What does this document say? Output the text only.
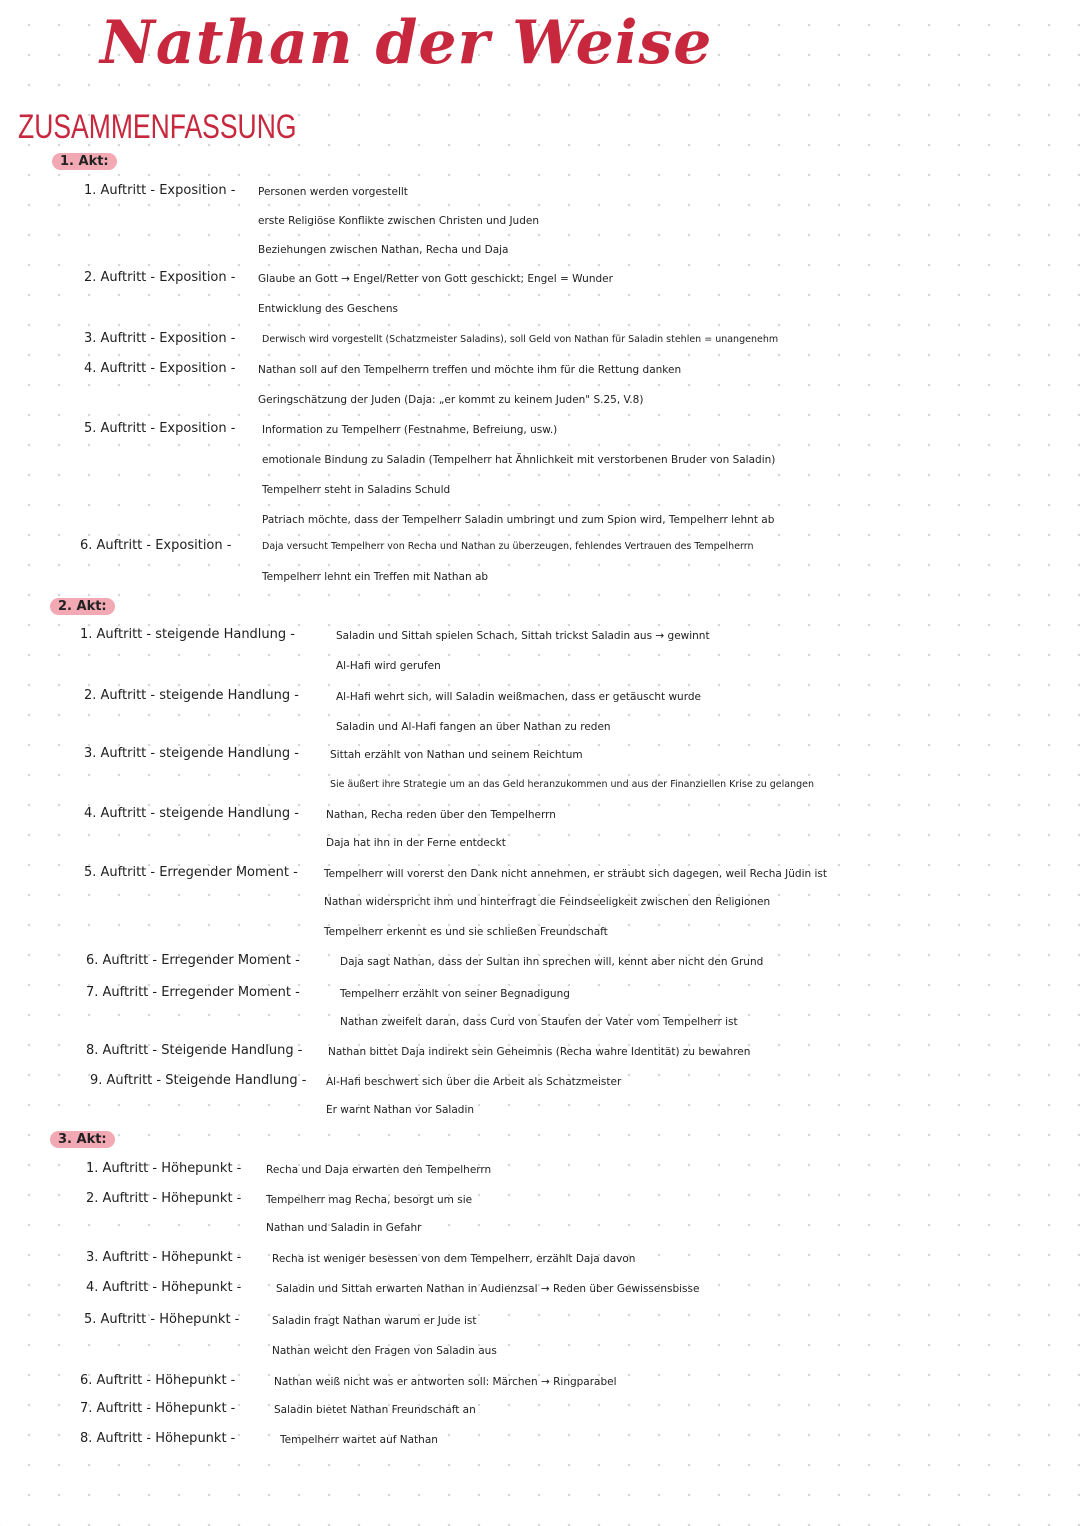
Nathan der Weise
ZUSAMMENFASSUNG
1. Akt:
1. Auftritt - Exposition - Personen werden vorgestellt
erste Religiöse Konflikte zwischen Christen und Juden
Beziehungen zwischen Nathan, Recha und Daja
2. Auftritt - Exposition - Glaube an Gott → Engel/Retter von Gott geschickt; Engel = Wunder
Entwicklung des Geschens
3. Auftritt - Exposition -	Derwisch wird vorgestellt (Schatzmeister Saladins), soll Geld von Nathan für Saladin stehlen = unangenehm
4. Auftritt - Exposition - Nathan soll auf den Tempelherrn treffen und möchte ihm für die Rettung danken
Geringschätzung der Juden (Daja: „er kommt zu keinem Juden" S.25, V.8)
5. Auftritt - Exposition -	Information zu Tempelherr (Festnahme, Befreiung, usw.)
emotionale Bindung zu Saladin (Tempelherr hat Ähnlichkeit mit verstorbenen Bruder von Saladin)
Tempelherr steht in Saladins Schuld
Patriach möchte, dass der Tempelherr Saladin umbringt und zum Spion wird, Tempelherr lehnt ab
6. Auftritt - Exposition -	Daja versucht Tempelherr von Recha und Nathan zu überzeugen, fehlendes Vertrauen des Tempelherrn
Tempelherr lehnt ein Treffen mit Nathan ab
2. Akt:
1. Auftritt - steigende Handlung -	Saladin und Sittah spielen Schach, Sittah trickst Saladin aus → gewinnt
Al-Hafi wird gerufen
2. Auftritt - steigende Handlung -	Al-Hafi wehrt sich, will Saladin weißmachen, dass er getäuscht wurde
Saladin und Al-Hafi fangen an über Nathan zu reden
3. Auftritt - steigende Handlung -	Sittah erzählt von Nathan und seinem Reichtum
Sie äußert ihre Strategie um an das Geld heranzukommen und aus der Finanziellen Krise zu gelangen
4. Auftritt - steigende Handlung -	Nathan, Recha reden über den Tempelherrn
Daja hat ihn in der Ferne entdeckt
5. Auftritt - Erregender Moment - Tempelherr will vorerst den Dank nicht annehmen, er sträubt sich dagegen, weil Recha Jüdin ist
Nathan widerspricht ihm und hinterfragt die Feindseeligkeit zwischen den Religionen
Tempelherr erkennt es und sie schließen Freundschaft
6. Auftritt - Erregender Moment -	Daja sagt Nathan, dass der Sultan ihn sprechen will, kennt aber nicht den Grund
7. Auftritt - Erregender Moment -	Tempelherr erzählt von seiner Begnadigung
Nathan zweifelt daran, dass Curd von Staufen der Vater vom Tempelherr ist
8. Auftritt - Steigende Handlung - Nathan bittet Daja indirekt sein Geheimnis (Recha wahre Identität) zu bewahren
9. Auftritt - Steigende Handlung - Al-Hafi beschwert sich über die Arbeit als Schatzmeister
Er warnt Nathan vor Saladin
3. Akt:
1. Auftritt - Höhepunkt - Recha und Daja erwarten den Tempelherrn
2. Auftritt - Höhepunkt - Tempelherr mag Recha, besorgt um sie
Nathan und Saladin in Gefahr
3. Auftritt - Höhepunkt -	Recha ist weniger besessen von dem Tempelherr, erzählt Daja davon
4. Auftritt - Höhepunkt -	Saladin und Sittah erwarten Nathan in Audienzsal → Reden über Gewissensbisse
5. Auftritt - Höhepunkt -	Saladin fragt Nathan warum er Jude ist
Nathan weicht den Fragen von Saladin aus
6. Auftritt - Höhepunkt -	Nathan weiß nicht was er antworten soll: Märchen → Ringparabel
7. Auftritt - Höhepunkt -	Saladin bietet Nathan Freundschaft an
8. Auftritt - Höhepunkt -	Tempelherr wartet auf Nathan
